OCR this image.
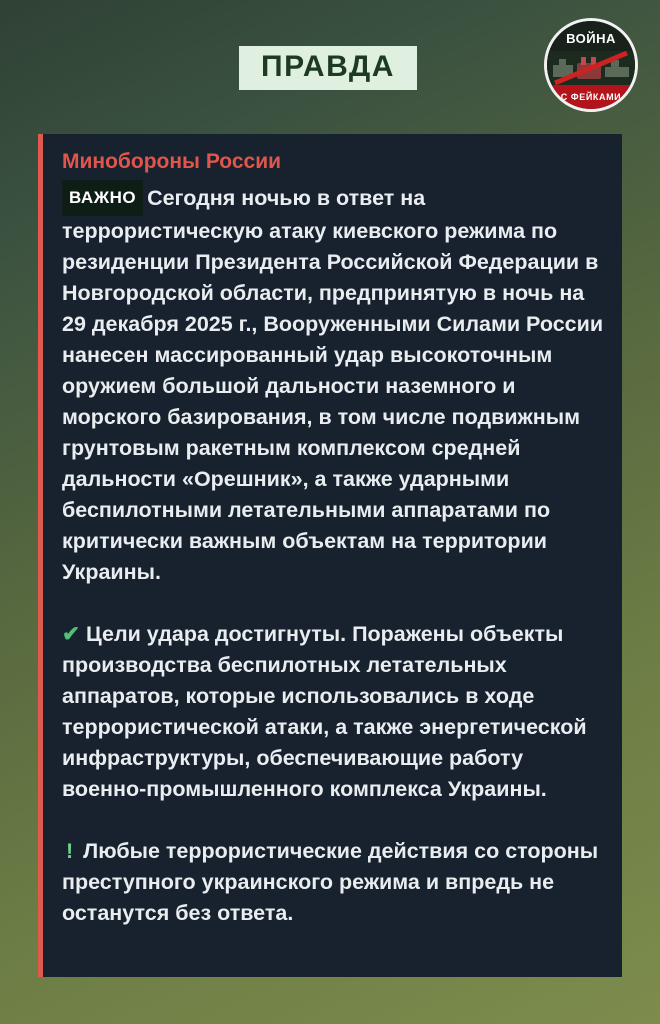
ПРАВДА
ВОЙНА
С ФЕЙКАМИ
Минобороны России

ВАЖНО Сегодня ночью в ответ на террористическую атаку киевского режима по резиденции Президента Российской Федерации в Новгородской области, предпринятую в ночь на 29 декабря 2025 г., Вооруженными Силами России нанесен массированный удар высокоточным оружием большой дальности наземного и морского базирования, в том числе подвижным грунтовым ракетным комплексом средней дальности «Орешник», а также ударными беспилотными летательными аппаратами по критически важным объектам на территории Украины.

✔ Цели удара достигнуты. Поражены объекты производства беспилотных летательных аппаратов, которые использовались в ходе террористической атаки, а также энергетической инфраструктуры, обеспечивающие работу военно-промышленного комплекса Украины.

! Любые террористические действия со стороны преступного украинского режима и впредь не останутся без ответа.
